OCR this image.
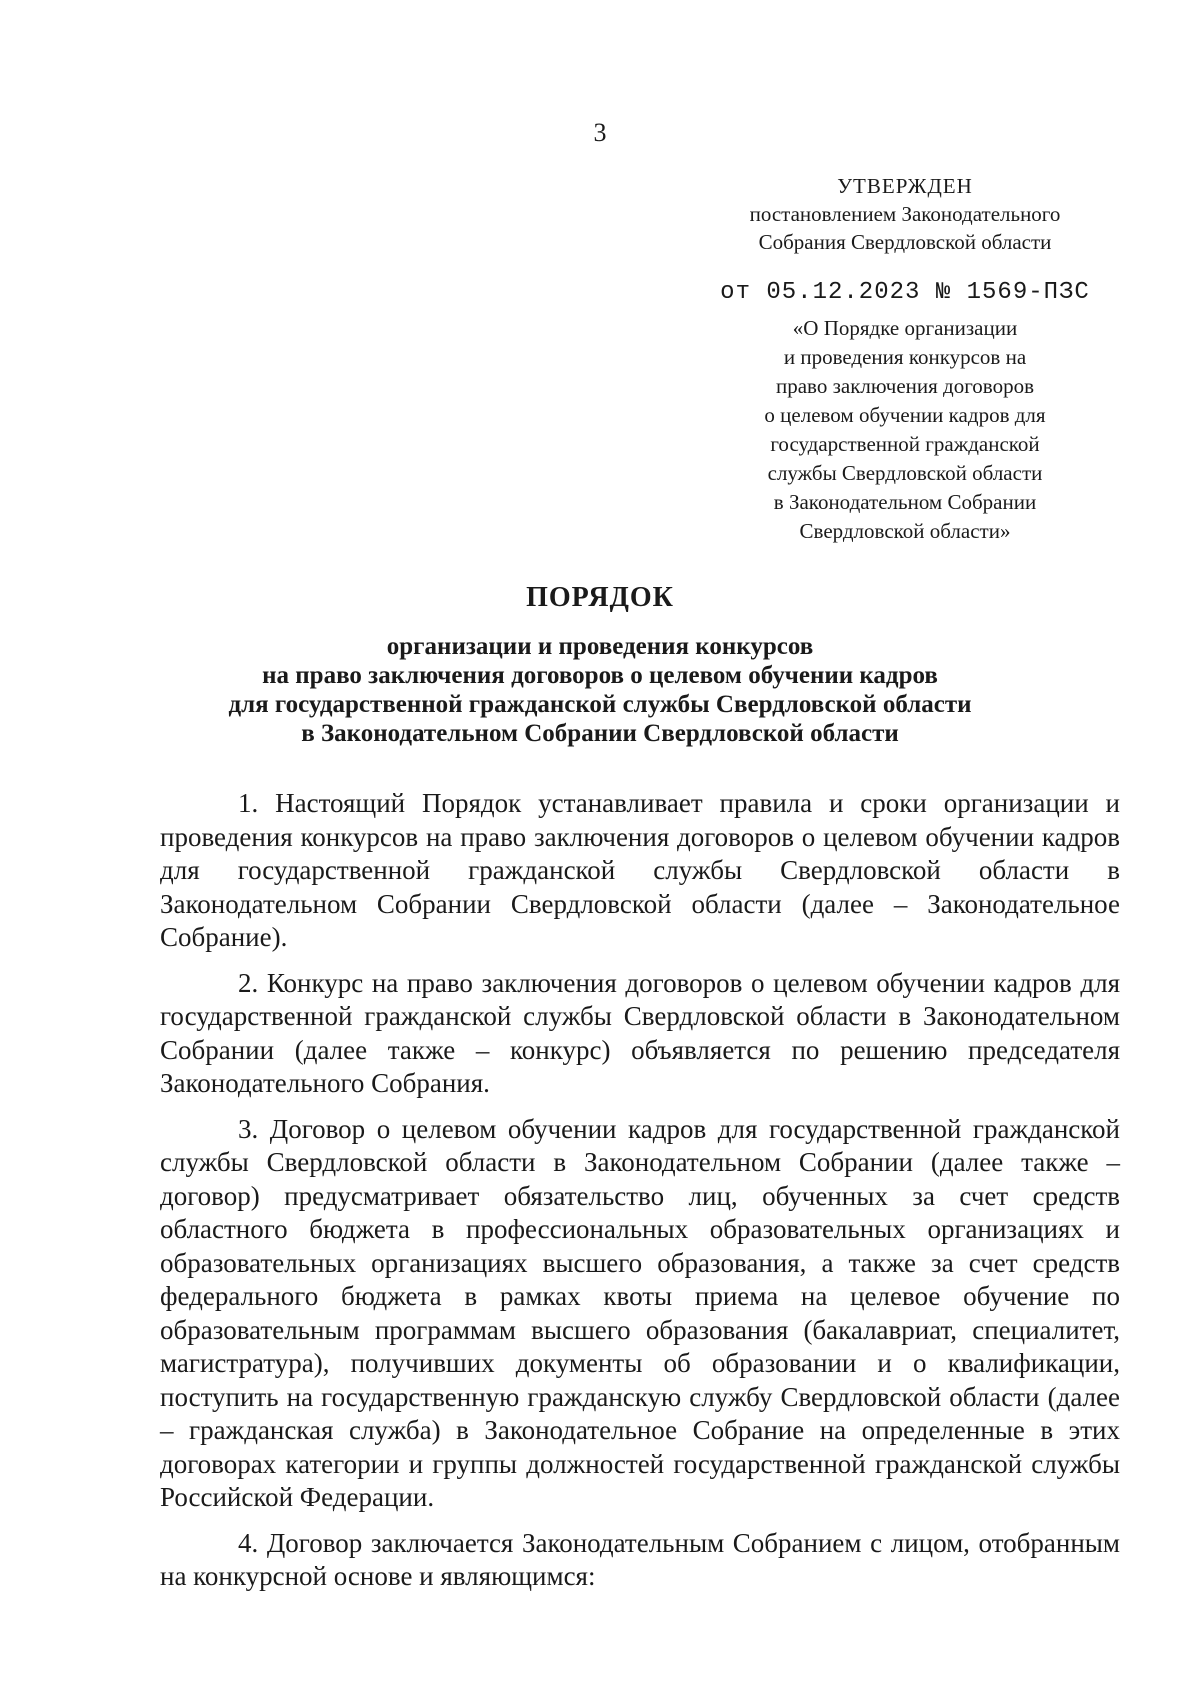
3
УТВЕРЖДЕН
постановлением Законодательного
Собрания Свердловской области
от 05.12.2023 № 1569-ПЗС
«О Порядке организации
и проведения конкурсов на
право заключения договоров
о целевом обучении кадров для
государственной гражданской
службы Свердловской области
в Законодательном Собрании
Свердловской области»
ПОРЯДОК
организации и проведения конкурсов
на право заключения договоров о целевом обучении кадров
для государственной гражданской службы Свердловской области
в Законодательном Собрании Свердловской области

1. Настоящий Порядок устанавливает правила и сроки организации и проведения конкурсов на право заключения договоров о целевом обучении кадров для государственной гражданской службы Свердловской области в Законодательном Собрании Свердловской области (далее – Законодательное Собрание).

2. Конкурс на право заключения договоров о целевом обучении кадров для государственной гражданской службы Свердловской области в Законодательном Собрании (далее также – конкурс) объявляется по решению председателя Законодательного Собрания.

3. Договор о целевом обучении кадров для государственной гражданской службы Свердловской области в Законодательном Собрании (далее также – договор) предусматривает обязательство лиц, обученных за счет средств областного бюджета в профессиональных образовательных организациях и образовательных организациях высшего образования, а также за счет средств федерального бюджета в рамках квоты приема на целевое обучение по образовательным программам высшего образования (бакалавриат, специалитет, магистратура), получивших документы об образовании и о квалификации, поступить на государственную гражданскую службу Свердловской области (далее – гражданская служба) в Законодательное Собрание на определенные в этих договорах категории и группы должностей государственной гражданской службы Российской Федерации.

4. Договор заключается Законодательным Собранием с лицом, отобранным на конкурсной основе и являющимся:
